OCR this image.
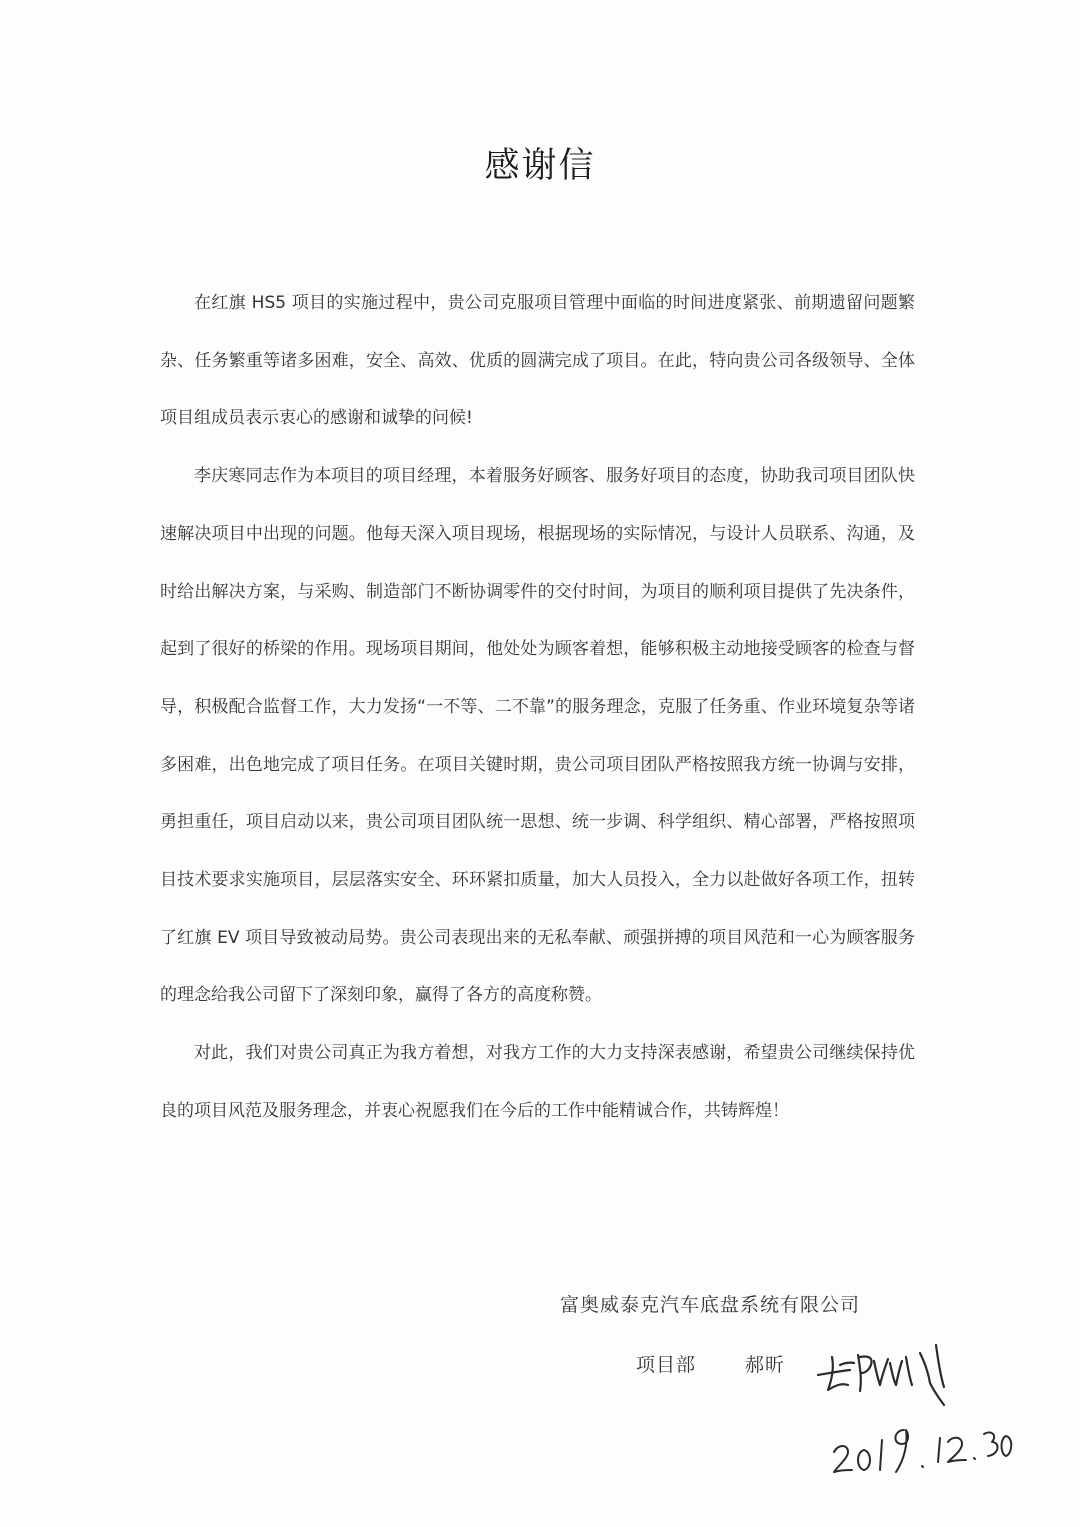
感谢信

在红旗 HS5 项目的实施过程中，贵公司克服项目管理中面临的时间进度紧张、前期遗留问题繁杂、任务繁重等诸多困难，安全、高效、优质的圆满完成了项目。在此，特向贵公司各级领导、全体项目组成员表示衷心的感谢和诚挚的问候!

李庆寒同志作为本项目的项目经理，本着服务好顾客、服务好项目的态度，协助我司项目团队快速解决项目中出现的问题。他每天深入项目现场，根据现场的实际情况，与设计人员联系、沟通，及时给出解决方案，与采购、制造部门不断协调零件的交付时间，为项目的顺利项目提供了先决条件，起到了很好的桥梁的作用。现场项目期间，他处处为顾客着想，能够积极主动地接受顾客的检查与督导，积极配合监督工作，大力发扬“一不等、二不靠”的服务理念，克服了任务重、作业环境复杂等诸多困难，出色地完成了项目任务。在项目关键时期，贵公司项目团队严格按照我方统一协调与安排，勇担重任，项目启动以来，贵公司项目团队统一思想、统一步调、科学组织、精心部署，严格按照项目技术要求实施项目，层层落实安全、环环紧扣质量，加大人员投入，全力以赴做好各项工作，扭转了红旗 EV 项目导致被动局势。贵公司表现出来的无私奉献、顽强拼搏的项目风范和一心为顾客服务的理念给我公司留下了深刻印象，赢得了各方的高度称赞。

对此，我们对贵公司真正为我方着想，对我方工作的大力支持深表感谢，希望贵公司继续保持优良的项目风范及服务理念，并衷心祝愿我们在今后的工作中能精诚合作，共铸辉煌！

富奥威泰克汽车底盘系统有限公司
项目部	郝昕
